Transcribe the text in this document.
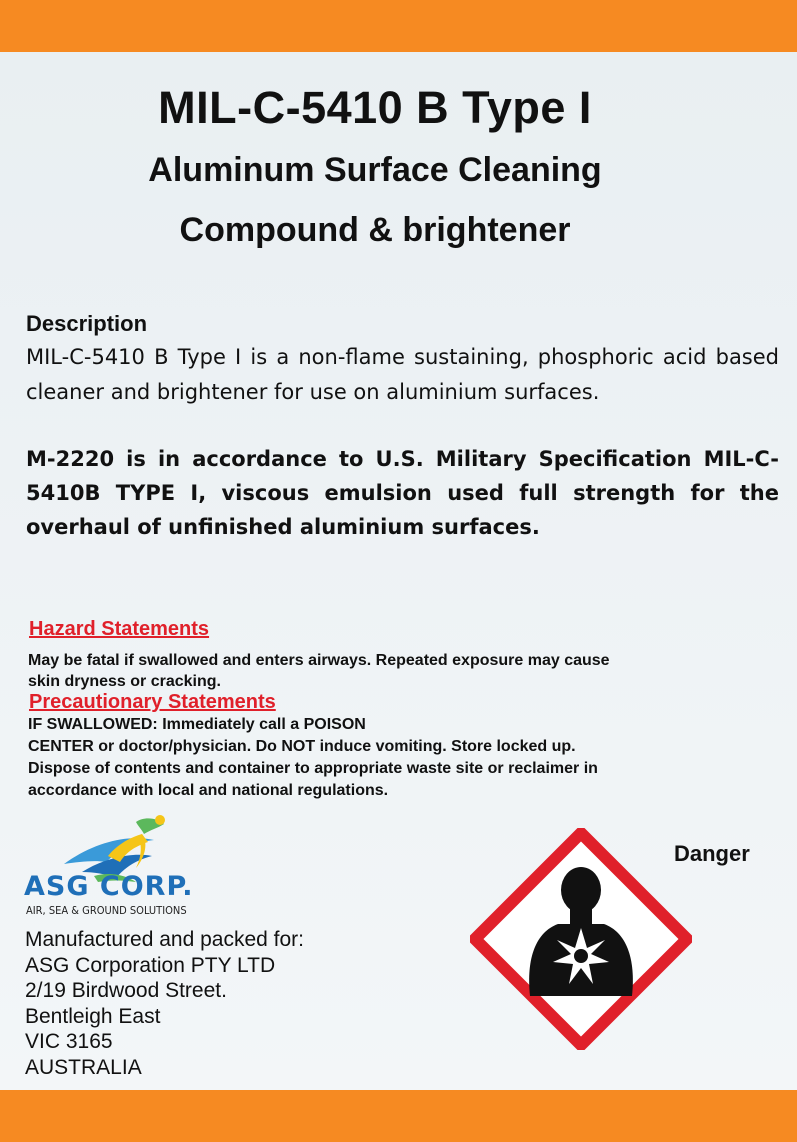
MIL-C-5410 B Type I
Aluminum Surface Cleaning
Compound & brightener
Description

MIL-C-5410 B Type I is a non-flame sustaining, phosphoric acid based cleaner and brightener for use on aluminium surfaces.

M-2220 is in accordance to U.S. Military Specification MIL-C-5410B TYPE I, viscous emulsion used full strength for the overhaul of unfinished aluminium surfaces.

Hazard Statements
May be fatal if swallowed and enters airways. Repeated exposure may cause
skin dryness or cracking.
Precautionary Statements
IF SWALLOWED: Immediately call a POISON
CENTER or doctor/physician. Do NOT induce vomiting. Store locked up.
Dispose of contents and container to appropriate waste site or reclaimer in
accordance with local and national regulations.
ASG CORP.
AIR, SEA & GROUND SOLUTIONS
Manufactured and packed for:
ASG Corporation PTY LTD
2/19 Birdwood Street.
Bentleigh East
VIC 3165
AUSTRALIA
Danger
